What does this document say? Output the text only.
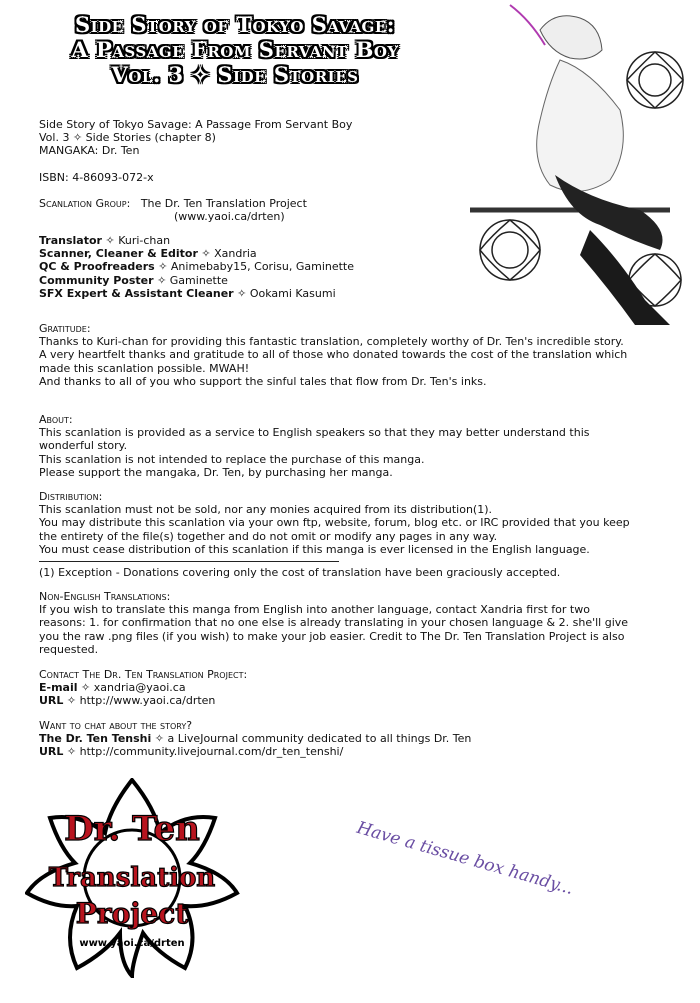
Side Story of Tokyo Savage:
A Passage From Servant Boy
Vol. 3 ✧ Side Stories

Side Story of Tokyo Savage: A Passage From Servant Boy

Vol. 3 ✧ Side Stories (chapter 8)

MANGAKA: Dr. Ten

ISBN: 4-86093-072-x

Scanlation Group: The Dr. Ten Translation Project

(www.yaoi.ca/drten)

Translator ✧ Kuri-chan

Scanner, Cleaner & Editor ✧ Xandria

QC & Proofreaders ✧ Animebaby15, Corisu, Gaminette

Community Poster ✧ Gaminette

SFX Expert & Assistant Cleaner ✧ Ookami Kasumi

Gratitude:

Thanks to Kuri-chan for providing this fantastic translation, completely worthy of Dr. Ten's incredible story.

A very heartfelt thanks and gratitude to all of those who donated towards the cost of the translation which made this scanlation possible. MWAH!

And thanks to all of you who support the sinful tales that flow from Dr. Ten's inks.

About:

This scanlation is provided as a service to English speakers so that they may better understand this wonderful story.

This scanlation is not intended to replace the purchase of this manga.

Please support the mangaka, Dr. Ten, by purchasing her manga.

Distribution:

This scanlation must not be sold, nor any monies acquired from its distribution(1).

You may distribute this scanlation via your own ftp, website, forum, blog etc. or IRC provided that you keep the entirety of the file(s) together and do not omit or modify any pages in any way.

You must cease distribution of this scanlation if this manga is ever licensed in the English language.

(1) Exception - Donations covering only the cost of translation have been graciously accepted.

Non-English Translations:

If you wish to translate this manga from English into another language, contact Xandria first for two reasons: 1. for confirmation that no one else is already translating in your chosen language & 2. she'll give you the raw .png files (if you wish) to make your job easier. Credit to The Dr. Ten Translation Project is also requested.

Contact The Dr. Ten Translation Project:

E-mail ✧ xandria@yaoi.ca

URL ✧ http://www.yaoi.ca/drten

Want to chat about the story?

The Dr. Ten Tenshi ✧ a LiveJournal community dedicated to all things Dr. Ten

URL ✧ http://community.livejournal.com/dr_ten_tenshi/

Dr. Ten
Translation
Project
www.yaoi.ca/drten
Have a tissue box handy...
